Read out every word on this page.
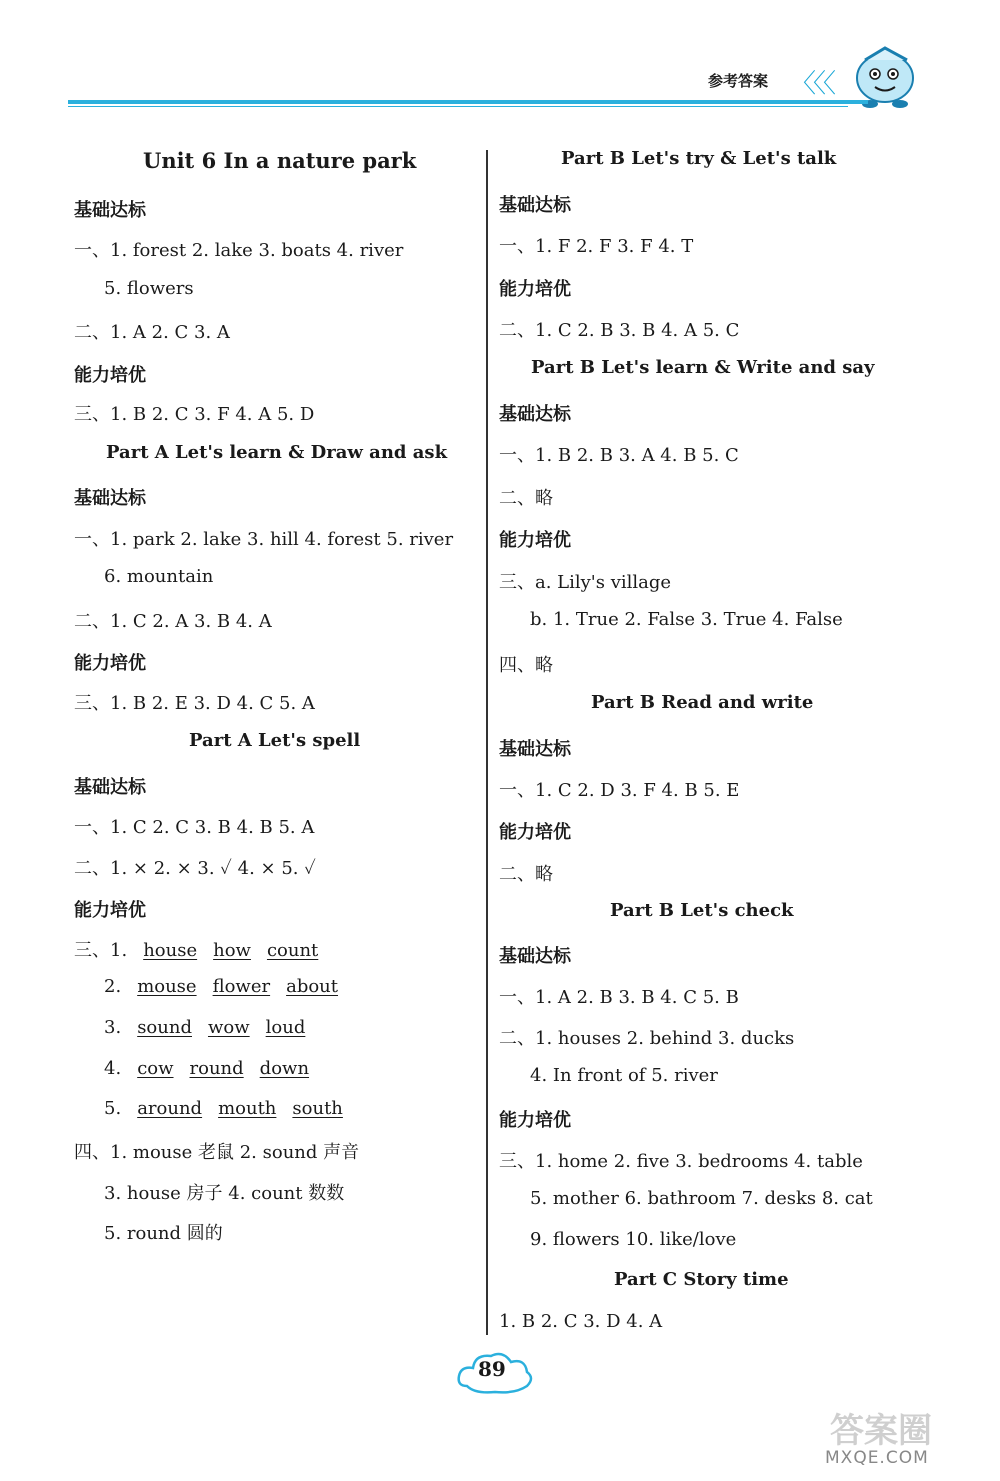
参考答案 〈〈〈
Unit 6 In a nature park
基础达标
一、1. forest 2. lake 3. boats 4. river
5. flowers
二、1. A 2. C 3. A
能力培优
三、1. B 2. C 3. F 4. A 5. D
Part A Let's learn & Draw and ask
基础达标
一、1. park 2. lake 3. hill 4. forest 5. river
6. mountain
二、1. C 2. A 3. B 4. A
能力培优
三、1. B 2. E 3. D 4. C 5. A
Part A Let's spell
基础达标
一、1. C 2. C 3. B 4. B 5. A
二、1. × 2. × 3. ✓ 4. × 5. ✓
能力培优
三、1. house how count
2. mouse flower about
3. sound wow loud
4. cow round down
5. around mouth south
四、1. mouse 老鼠 2. sound 声音
3. house 房子 4. count 数数
5. round 圆的
Part B Let's try & Let's talk
基础达标
一、1. F 2. F 3. F 4. T
能力培优
二、1. C 2. B 3. B 4. A 5. C
Part B Let's learn & Write and say
基础达标
一、1. B 2. B 3. A 4. B 5. C
二、略
能力培优
三、a. Lily's village
b. 1. True 2. False 3. True 4. False
四、略
Part B Read and write
基础达标
一、1. C 2. D 3. F 4. B 5. E
能力培优
二、略
Part B Let's check
基础达标
一、1. A 2. B 3. B 4. C 5. B
二、1. houses 2. behind 3. ducks
4. In front of 5. river
能力培优
三、1. home 2. five 3. bedrooms 4. table
5. mother 6. bathroom 7. desks 8. cat
9. flowers 10. like/love
Part C Story time
1. B 2. C 3. D 4. A
89
答案圈
MXQE.COM
